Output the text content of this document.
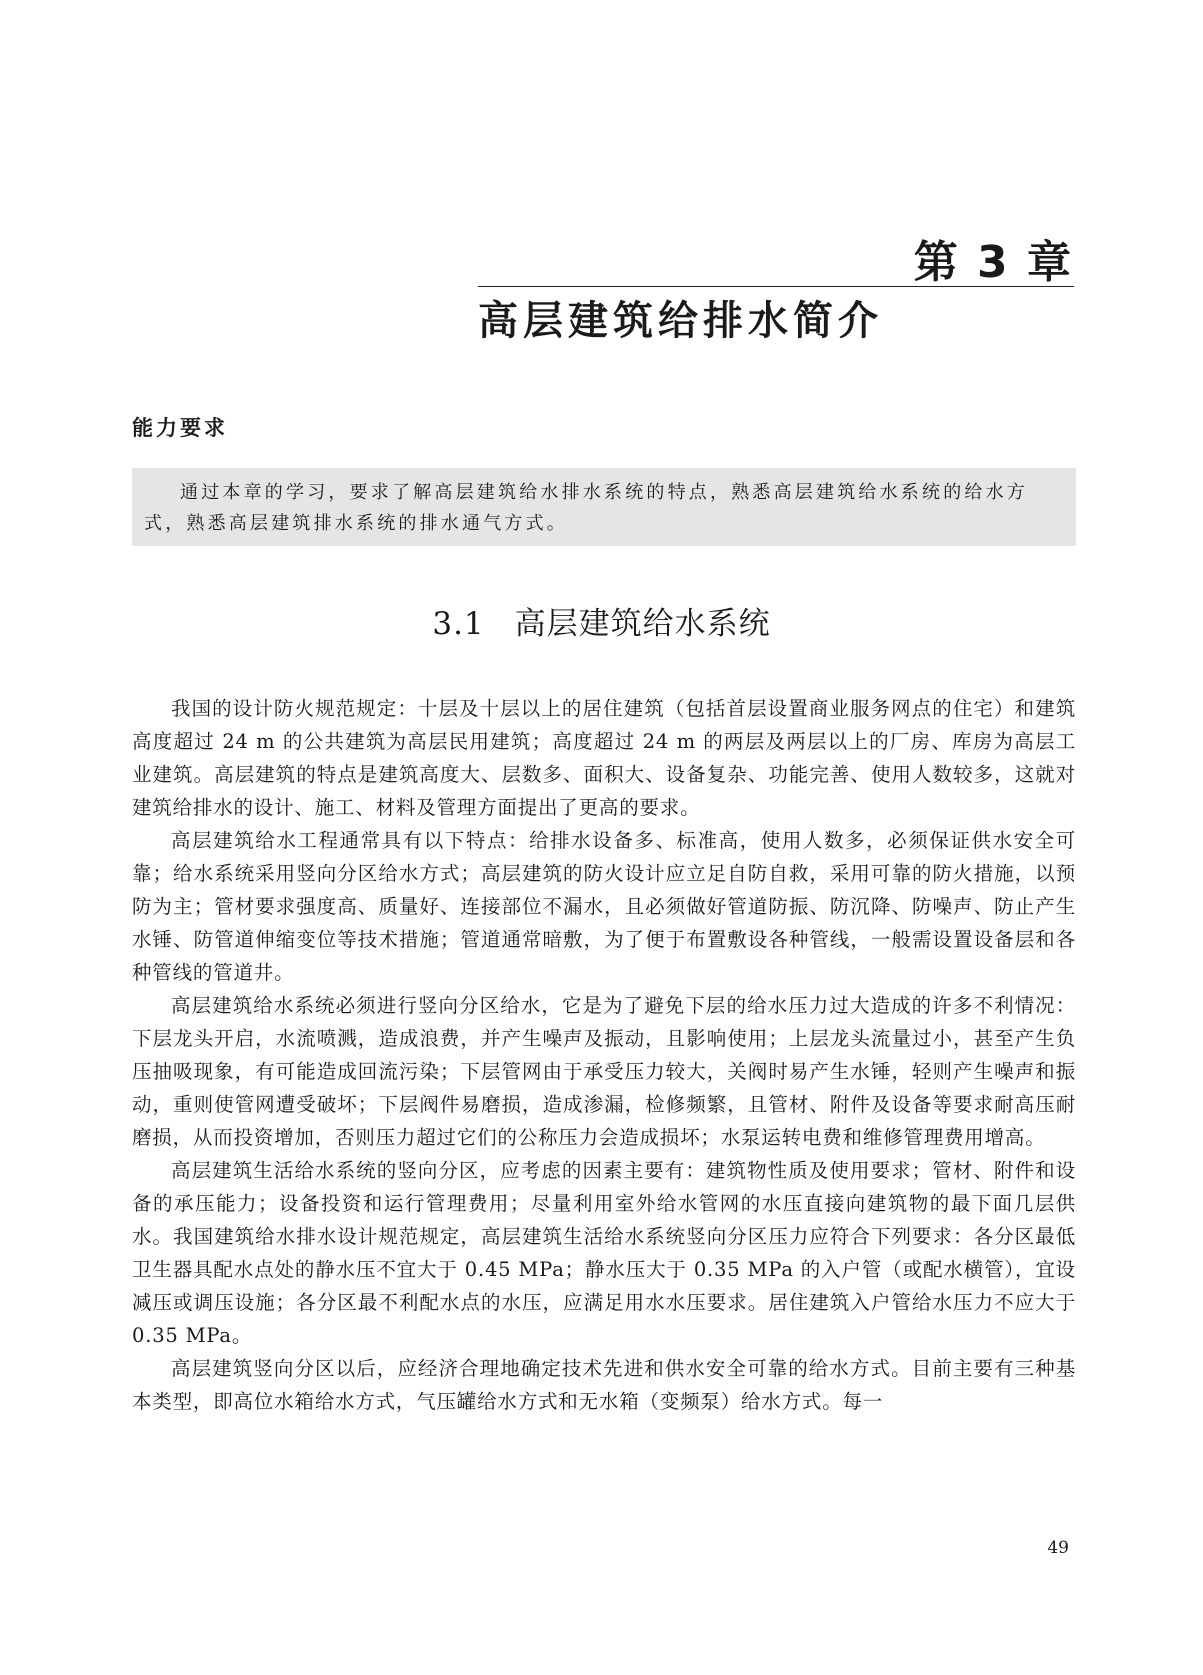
第 3 章
高层建筑给排水简介
能力要求

通过本章的学习，要求了解高层建筑给水排水系统的特点，熟悉高层建筑给水系统的给水方式，熟悉高层建筑排水系统的排水通气方式。

3.1 高层建筑给水系统

我国的设计防火规范规定：十层及十层以上的居住建筑（包括首层设置商业服务网点的住宅）和建筑高度超过 24 m 的公共建筑为高层民用建筑；高度超过 24 m 的两层及两层以上的厂房、库房为高层工业建筑。高层建筑的特点是建筑高度大、层数多、面积大、设备复杂、功能完善、使用人数较多，这就对建筑给排水的设计、施工、材料及管理方面提出了更高的要求。

高层建筑给水工程通常具有以下特点：给排水设备多、标准高，使用人数多，必须保证供水安全可靠；给水系统采用竖向分区给水方式；高层建筑的防火设计应立足自防自救，采用可靠的防火措施，以预防为主；管材要求强度高、质量好、连接部位不漏水，且必须做好管道防振、防沉降、防噪声、防止产生水锤、防管道伸缩变位等技术措施；管道通常暗敷，为了便于布置敷设各种管线，一般需设置设备层和各种管线的管道井。

高层建筑给水系统必须进行竖向分区给水，它是为了避免下层的给水压力过大造成的许多不利情况：下层龙头开启，水流喷溅，造成浪费，并产生噪声及振动，且影响使用；上层龙头流量过小，甚至产生负压抽吸现象，有可能造成回流污染；下层管网由于承受压力较大，关阀时易产生水锤，轻则产生噪声和振动，重则使管网遭受破坏；下层阀件易磨损，造成渗漏，检修频繁，且管材、附件及设备等要求耐高压耐磨损，从而投资增加，否则压力超过它们的公称压力会造成损坏；水泵运转电费和维修管理费用增高。

高层建筑生活给水系统的竖向分区，应考虑的因素主要有：建筑物性质及使用要求；管材、附件和设备的承压能力；设备投资和运行管理费用；尽量利用室外给水管网的水压直接向建筑物的最下面几层供水。我国建筑给水排水设计规范规定，高层建筑生活给水系统竖向分区压力应符合下列要求：各分区最低卫生器具配水点处的静水压不宜大于 0.45 MPa；静水压大于 0.35 MPa 的入户管（或配水横管），宜设减压或调压设施；各分区最不利配水点的水压，应满足用水水压要求。居住建筑入户管给水压力不应大于 0.35 MPa。

高层建筑竖向分区以后，应经济合理地确定技术先进和供水安全可靠的给水方式。目前主要有三种基本类型，即高位水箱给水方式，气压罐给水方式和无水箱（变频泵）给水方式。每一

49
